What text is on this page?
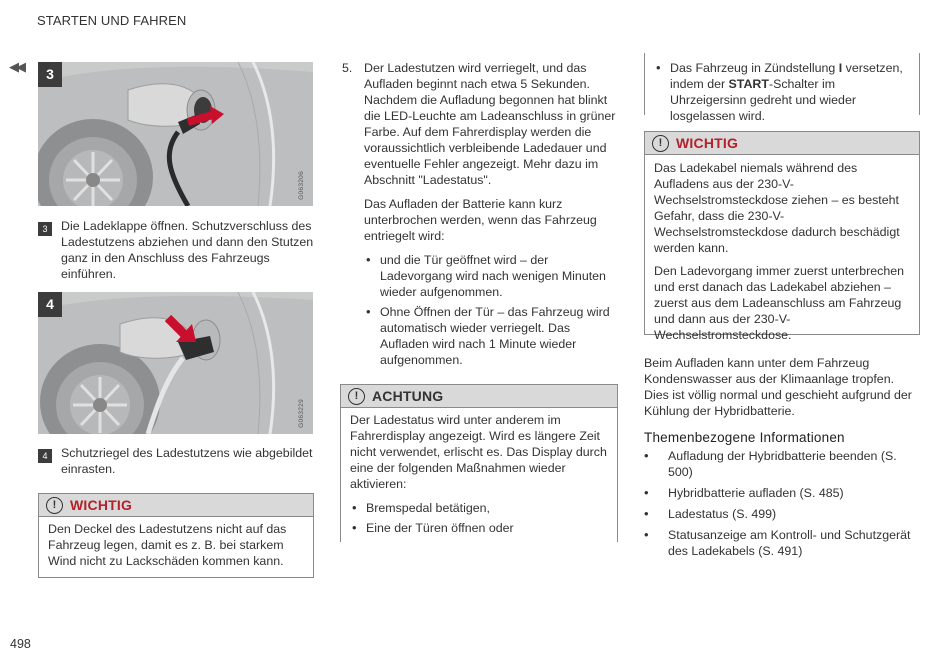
STARTEN UND FAHREN
◀◀	3
G063206
3	Die Ladeklappe öffnen. Schutzverschluss des Ladestutzens abziehen und dann den Stutzen ganz in den Anschluss des Fahrzeugs einführen.
4
G063229
4	Schutzriegel des Ladestutzens wie abgebildet einrasten.
! WICHTIG

Den Deckel des Ladestutzens nicht auf das Fahrzeug legen, damit es z. B. bei starkem Wind nicht zu Lackschäden kommen kann.

5. Der Ladestutzen wird verriegelt, und das Aufladen beginnt nach etwa 5 Sekunden. Nachdem die Aufladung begonnen hat blinkt die LED-Leuchte am Ladeanschluss in grüner Farbe. Auf dem Fahrerdisplay werden die voraussichtlich verbleibende Ladedauer und eventuelle Fehler angezeigt. Mehr dazu im Abschnitt "Ladestatus".

Das Aufladen der Batterie kann kurz unterbrochen werden, wenn das Fahrzeug entriegelt wird:

• und die Tür geöffnet wird – der Ladevorgang wird nach wenigen Minuten wieder aufgenommen.
• Ohne Öffnen der Tür – das Fahrzeug wird automatisch wieder verriegelt. Das Aufladen wird nach 1 Minute wieder aufgenommen.
! ACHTUNG

Der Ladestatus wird unter anderem im Fahrerdisplay angezeigt. Wird es längere Zeit nicht verwendet, erlischt es. Das Display durch eine der folgenden Maßnahmen wieder aktivieren:

• Bremspedal betätigen,
• Eine der Türen öffnen oder
• Das Fahrzeug in Zündstellung I versetzen, indem der START-Schalter im Uhrzeigersinn gedreht und wieder losgelassen wird.
! WICHTIG

Das Ladekabel niemals während des Aufladens aus der 230-V- Wechselstromsteckdose ziehen – es besteht Gefahr, dass die 230-V- Wechselstromsteckdose dadurch beschädigt werden kann.

Den Ladevorgang immer zuerst unterbrechen und erst danach das Ladekabel abziehen – zuerst aus dem Ladeanschluss am Fahrzeug und dann aus der 230-V-Wechselstromsteckdose.

Beim Aufladen kann unter dem Fahrzeug Kondenswasser aus der Klimaanlage tropfen. Dies ist völlig normal und geschieht aufgrund der Kühlung der Hybridbatterie.
Themenbezogene Informationen
• Aufladung der Hybridbatterie beenden (S. 500)
• Hybridbatterie aufladen (S. 485)
• Ladestatus (S. 499)
• Statusanzeige am Kontroll- und Schutzgerät des Ladekabels (S. 491)
498
